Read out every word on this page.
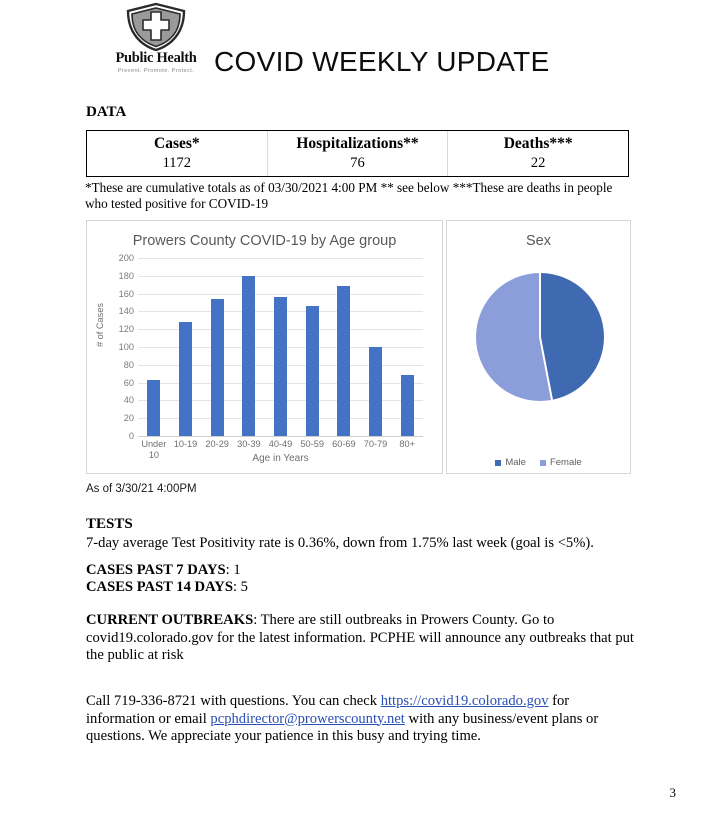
Public Health
Prevent. Promote. Protect. COVID WEEKLY UPDATE
DATA
Cases*
1172
Hospitalizations**
76
Deaths***
22
*These are cumulative totals as of 03/30/2021 4:00 PM ** see below ***These are deaths in people who tested positive for COVID-19
Prowers County COVID-19 by Age group
# of Cases
200
180
160
140
120
100
80
60
40
20
0
Under 10
10-19 20-29 30-39 40-49 50-59 60-69 70-79	80+
Age in Years
Sex
Male	Female
As of 3/30/21 4:00PM
TESTS
7-day average Test Positivity rate is 0.36%, down from 1.75% last week (goal is <5%).
CASES PAST 7 DAYS: 1
CASES PAST 14 DAYS: 5
CURRENT OUTBREAKS: There are still outbreaks in Prowers County. Go to covid19.colorado.gov for the latest information. PCPHE will announce any outbreaks that put the public at risk
Call 719-336-8721 with questions. You can check https://covid19.colorado.gov for information or email pcphdirector@prowerscounty.net with any business/event plans or questions. We appreciate your patience in this busy and trying time.
3
